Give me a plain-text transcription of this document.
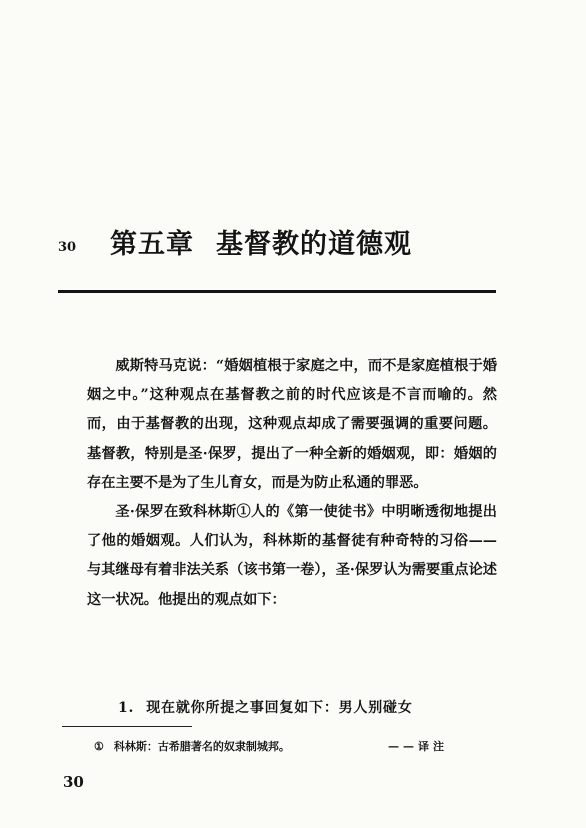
30 第五章 基督教的道德观

威斯特马克说：“婚姻植根于家庭之中，而不是家庭植根于婚姻之中。”这种观点在基督教之前的时代应该是不言而喻的。然而，由于基督教的出现，这种观点却成了需要强调的重要问题。基督教，特别是圣·保罗，提出了一种全新的婚姻观，即：婚姻的存在主要不是为了生儿育女，而是为防止私通的罪恶。

圣·保罗在致科林斯①人的《第一使徒书》中明晰透彻地提出了他的婚姻观。人们认为，科林斯的基督徒有种奇特的习俗——与其继母有着非法关系（该书第一卷），圣·保罗认为需要重点论述这一状况。他提出的观点如下：

1. 现在就你所提之事回复如下：男人别碰女
① 科林斯：古希腊著名的奴隶制城邦。	——译注
30
